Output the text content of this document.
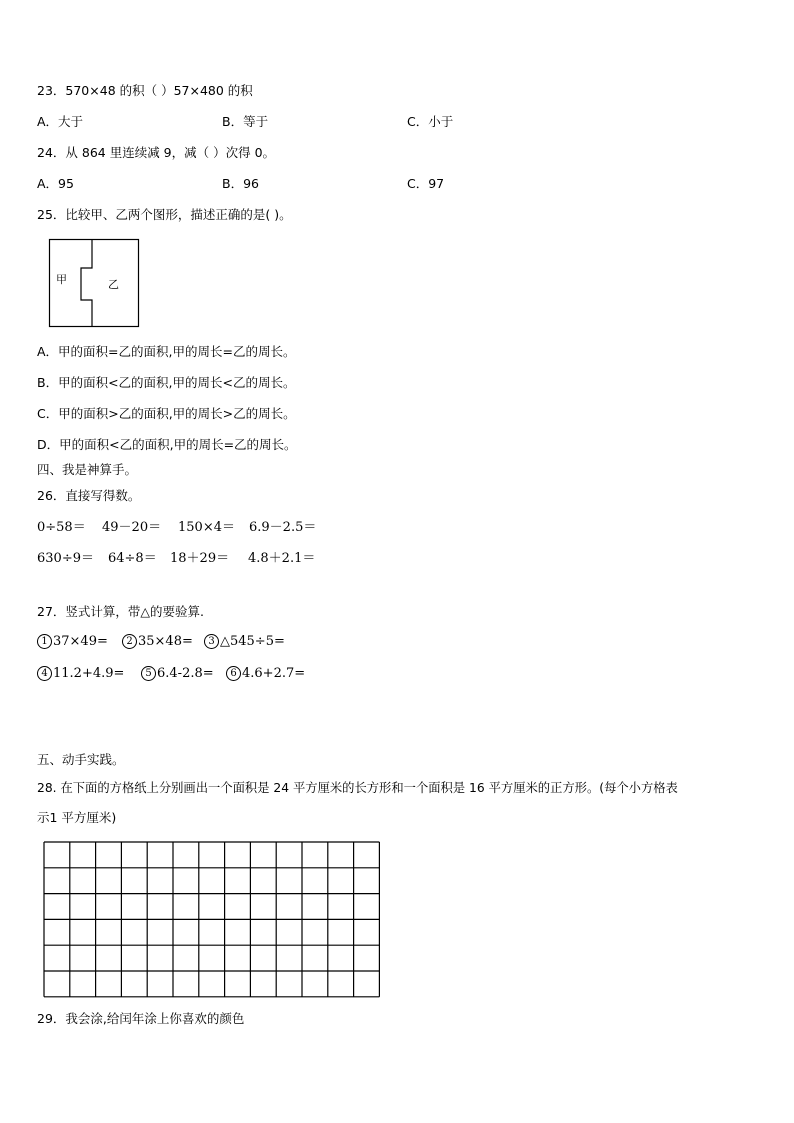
23．570×48 的积（ ）57×480 的积
A．大于	B．等于	C．小于
24．从 864 里连续减 9，减（ ）次得 0。
A．95	B．96	C．97
25．比较甲、乙两个图形，描述正确的是( )。
甲	乙
A．甲的面积=乙的面积,甲的周长=乙的周长。
B．甲的面积<乙的面积,甲的周长<乙的周长。
C．甲的面积>乙的面积,甲的周长>乙的周长。
D．甲的面积<乙的面积,甲的周长=乙的周长。
四、我是神算手。
26．直接写得数。
0÷58＝ 49－20＝ 150×4＝ 6.9－2.5＝
630÷9＝ 64÷8＝ 18＋29＝ 4.8＋2.1＝
27．竖式计算，带△的要验算.
1 37×49=	2 35×48=	3 △545÷5=
4 11.2+4.9=	5 6.4-2.8=	6 4.6+2.7=
五、动手实践。
28. 在下面的方格纸上分别画出一个面积是 24 平方厘米的长方形和一个面积是 16 平方厘米的正方形。(每个小方格表
示1 平方厘米)
29．我会涂,给闰年涂上你喜欢的颜色
